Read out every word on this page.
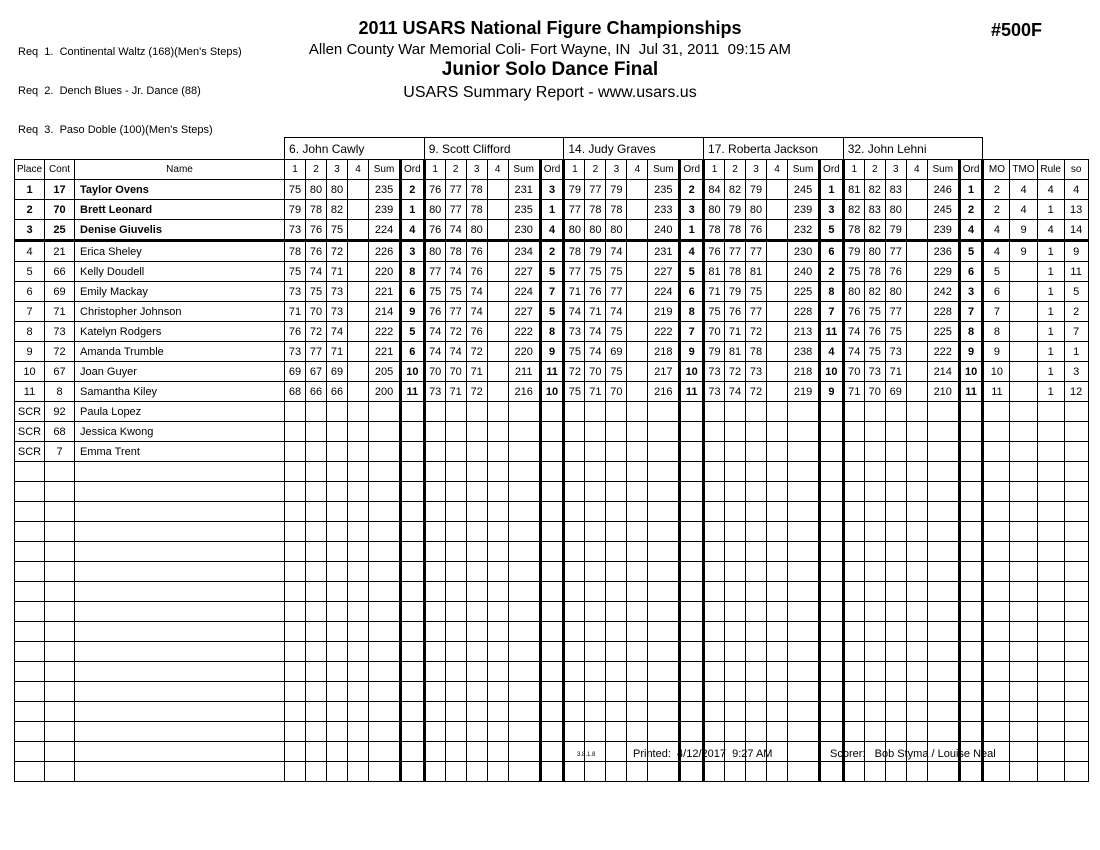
Req  1.  Continental Waltz (168)(Men's Steps)

Req  2.  Dench Blues - Jr. Dance (88)

Req  3.  Paso Doble (100)(Men's Steps)

2011 USARS National Figure Championships
Allen County War Memorial Coli- Fort Wayne, IN  Jul 31, 2011  09:15 AM
Junior Solo Dance Final
USARS Summary Report - www.usars.us
#500F
			6. John Cawly						9. Scott Clifford						14. Judy Graves						17. Roberta Jackson						32. John Lehni									
Place	Cont	Name	1	2	3	4	Sum	Ord	1	2	3	4	Sum	Ord	1	2	3	4	Sum	Ord	1	2	3	4	Sum	Ord	1	2	3	4	Sum	Ord	MO	TMO	Rule	so
1	17	Taylor Ovens	75	80	80		235	2	76	77	78		231	3	79	77	79		235	2	84	82	79		245	1	81	82	83		246	1	2	4	4	4
2	70	Brett Leonard	79	78	82		239	1	80	77	78		235	1	77	78	78		233	3	80	79	80		239	3	82	83	80		245	2	2	4	1	13
3	25	Denise Giuvelis	73	76	75		224	4	76	74	80		230	4	80	80	80		240	1	78	78	76		232	5	78	82	79		239	4	4	9	4	14
4	21	Erica Sheley	78	76	72		226	3	80	78	76		234	2	78	79	74		231	4	76	77	77		230	6	79	80	77		236	5	4	9	1	9
5	66	Kelly Doudell	75	74	71		220	8	77	74	76		227	5	77	75	75		227	5	81	78	81		240	2	75	78	76		229	6	5		1	11
6	69	Emily Mackay	73	75	73		221	6	75	75	74		224	7	71	76	77		224	6	71	79	75		225	8	80	82	80		242	3	6		1	5
7	71	Christopher Johnson	71	70	73		214	9	76	77	74		227	5	74	71	74		219	8	75	76	77		228	7	76	75	77		228	7	7		1	2
8	73	Katelyn Rodgers	76	72	74		222	5	74	72	76		222	8	73	74	75		222	7	70	71	72		213	11	74	76	75		225	8	8		1	7
9	72	Amanda Trumble	73	77	71		221	6	74	74	72		220	9	75	74	69		218	9	79	81	78		238	4	74	75	73		222	9	9		1	1
10	67	Joan Guyer	69	67	69		205	10	70	70	71		211	11	72	70	75		217	10	73	72	73		218	10	70	73	71		214	10	10		1	3
11	8	Samantha Kiley	68	66	66		200	11	73	71	72		216	10	75	71	70		216	11	73	74	72		219	9	71	70	69		210	11	11		1	12
SCR	92	Paula Lopez																																		
SCR	68	Jessica Kwong																																		
SCR	7	Emma Trent																																		

3.8.1.8	Printed: 4/12/2017  9:27 AM	Scorer: Bob Styma / Louise Neal
